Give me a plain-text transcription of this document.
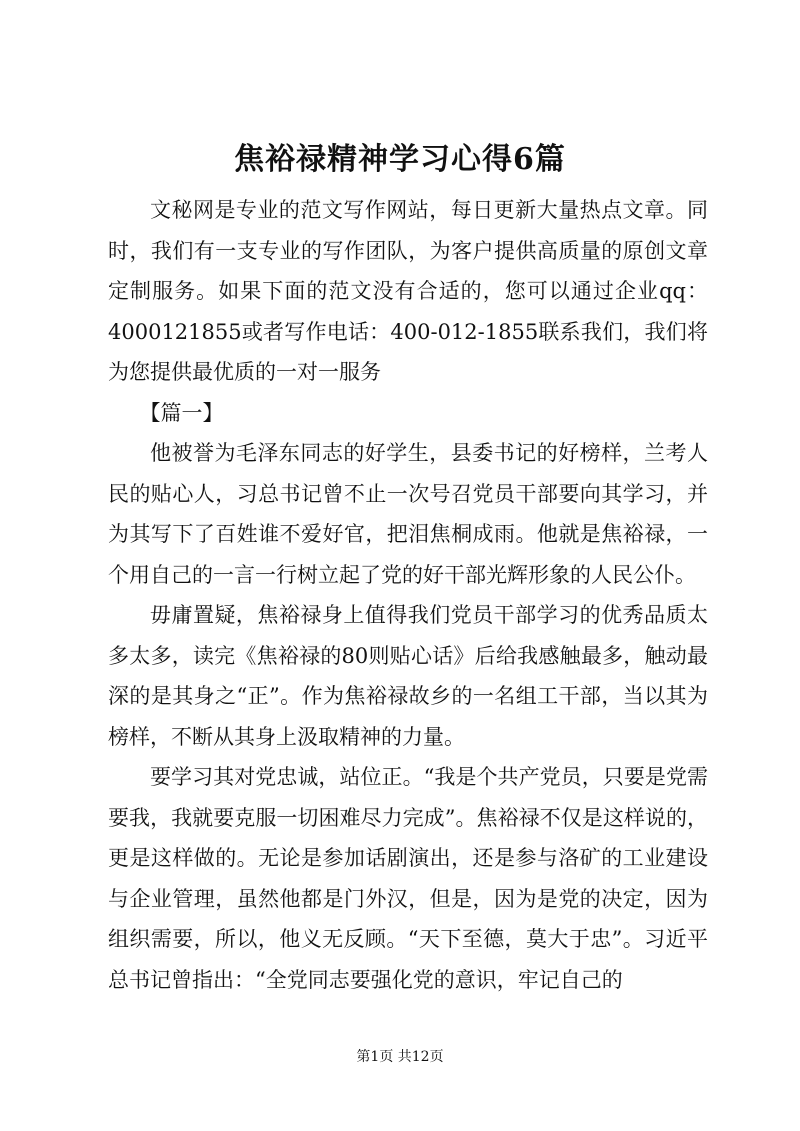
焦裕禄精神学习心得6篇

文秘网是专业的范文写作网站，每日更新大量热点文章。同时，我们有一支专业的写作团队，为客户提供高质量的原创文章定制服务。如果下面的范文没有合适的，您可以通过企业qq：4000121855或者写作电话：400-012-1855联系我们，我们将为您提供最优质的一对一服务

【篇一】

他被誉为毛泽东同志的好学生，县委书记的好榜样，兰考人民的贴心人，习总书记曾不止一次号召党员干部要向其学习，并为其写下了百姓谁不爱好官，把泪焦桐成雨。他就是焦裕禄，一个用自己的一言一行树立起了党的好干部光辉形象的人民公仆。

毋庸置疑，焦裕禄身上值得我们党员干部学习的优秀品质太多太多，读完《焦裕禄的80则贴心话》后给我感触最多，触动最深的是其身之“正”。作为焦裕禄故乡的一名组工干部，当以其为榜样，不断从其身上汲取精神的力量。

要学习其对党忠诚，站位正。“我是个共产党员，只要是党需要我，我就要克服一切困难尽力完成”。焦裕禄不仅是这样说的，更是这样做的。无论是参加话剧演出，还是参与洛矿的工业建设与企业管理，虽然他都是门外汉，但是，因为是党的决定，因为组织需要，所以，他义无反顾。“天下至德，莫大于忠”。习近平总书记曾指出：“全党同志要强化党的意识，牢记自己的

第1页 共12页
